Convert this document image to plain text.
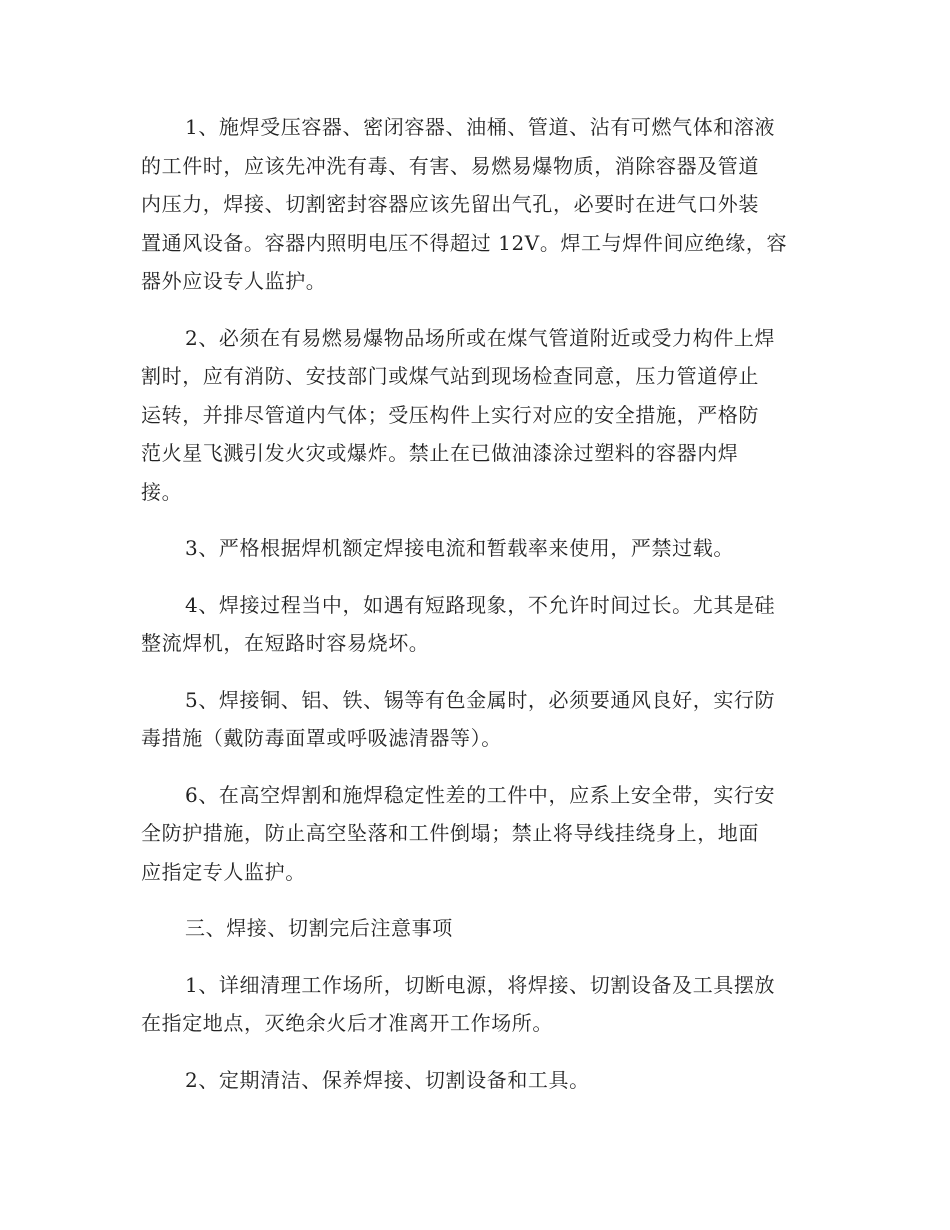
1、施焊受压容器、密闭容器、油桶、管道、沾有可燃气体和溶液
的工件时，应该先冲洗有毒、有害、易燃易爆物质，消除容器及管道
内压力，焊接、切割密封容器应该先留出气孔，必要时在进气口外装
置通风设备。容器内照明电压不得超过 12V。焊工与焊件间应绝缘，容
器外应设专人监护。

2、必须在有易燃易爆物品场所或在煤气管道附近或受力构件上焊
割时，应有消防、安技部门或煤气站到现场检查同意，压力管道停止
运转，并排尽管道内气体；受压构件上实行对应的安全措施，严格防
范火星飞溅引发火灾或爆炸。禁止在已做油漆涂过塑料的容器内焊
接。

3、严格根据焊机额定焊接电流和暂载率来使用，严禁过载。

4、焊接过程当中，如遇有短路现象，不允许时间过长。尤其是硅
整流焊机，在短路时容易烧坏。

5、焊接铜、铝、铁、锡等有色金属时，必须要通风良好，实行防
毒措施（戴防毒面罩或呼吸滤清器等）。

6、在高空焊割和施焊稳定性差的工件中，应系上安全带，实行安
全防护措施，防止高空坠落和工件倒塌；禁止将导线挂绕身上，地面
应指定专人监护。

三、焊接、切割完后注意事项

1、详细清理工作场所，切断电源，将焊接、切割设备及工具摆放
在指定地点，灭绝余火后才准离开工作场所。

2、定期清洁、保养焊接、切割设备和工具。
